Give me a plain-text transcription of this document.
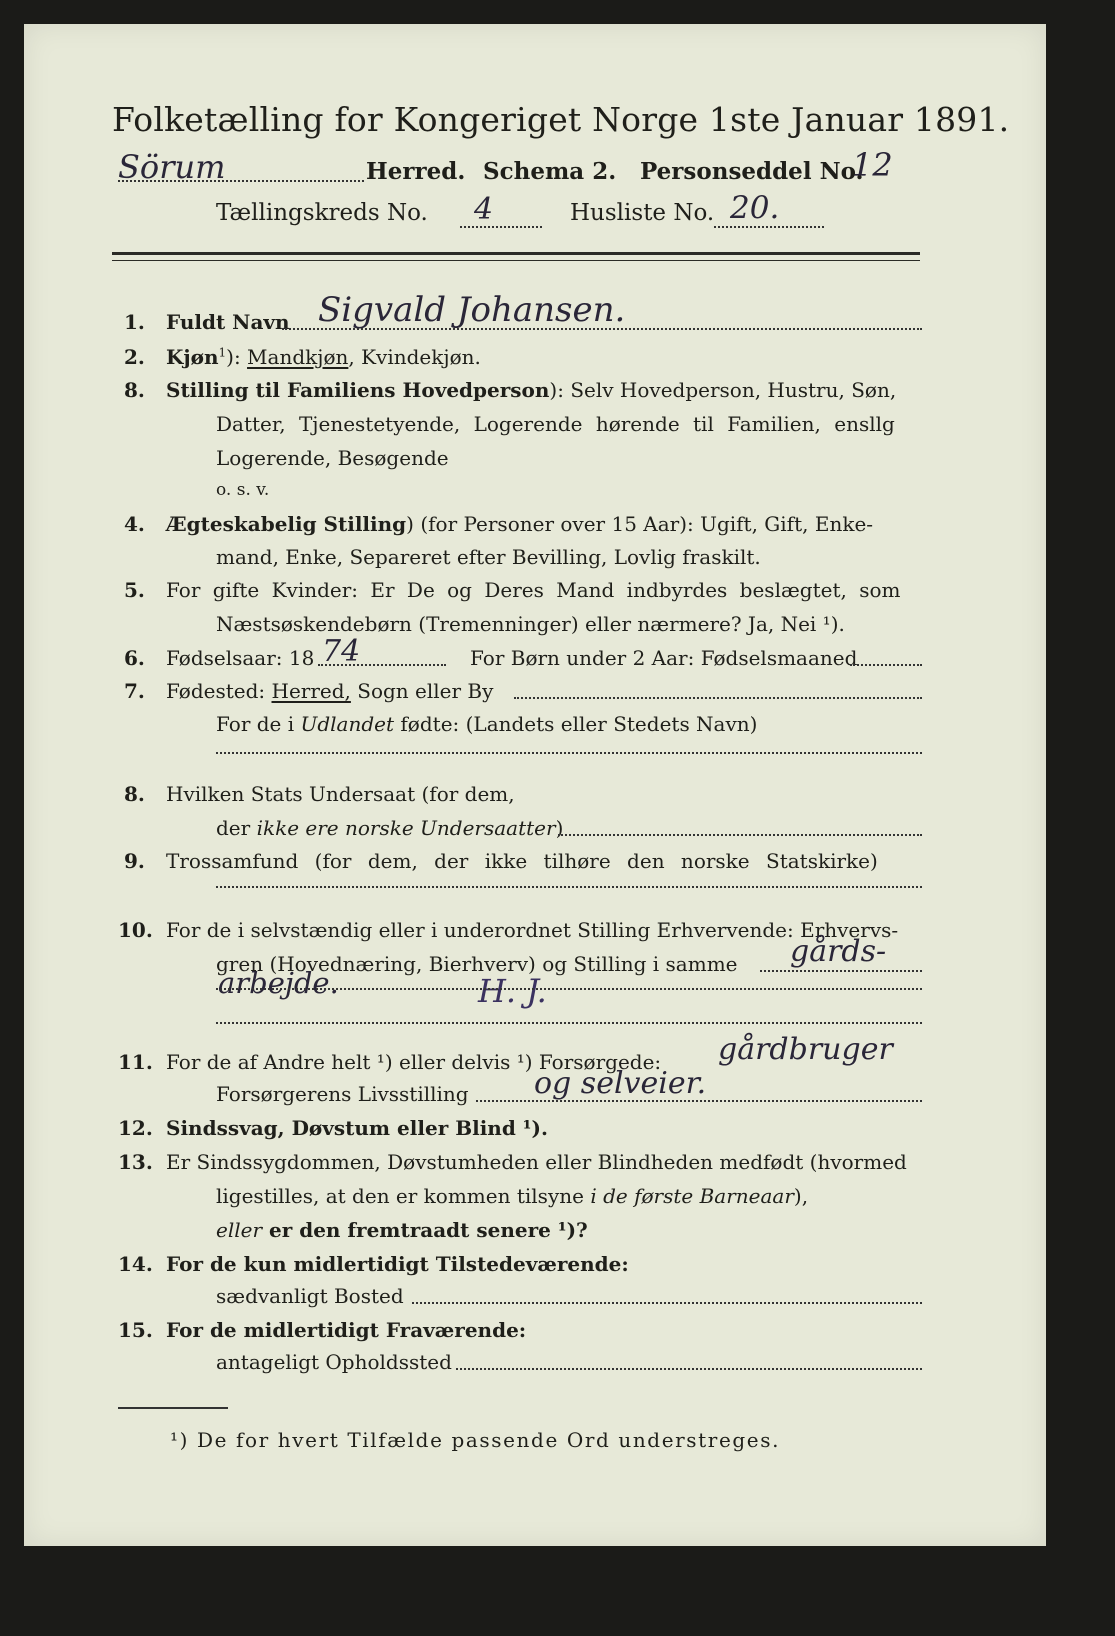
Folketælling for Kongeriget Norge 1ste Januar 1891.
Sörum	Herred. Schema 2. Personseddel No.
12
Tællingskreds No. 4	Husliste No. 20.
1. Fuldt Navn Sigvald Johansen.
2. Kjøn$^1$): Mandkjøn, Kvindekjøn.
8. Stilling til Familiens Hovedperson): Selv Hovedperson, Hustru, Søn,
Datter, Tjenestetyende, Logerende hørende til Familien, ensllg
Logerende, Besøgende
o. s. v.
4. Ægteskabelig Stilling) (for Personer over 15 Aar): Ugift, Gift, Enke-
mand, Enke, Separeret efter Bevilling, Lovlig fraskilt.
5. For gifte Kvinder: Er De og Deres Mand indbyrdes beslægtet, som
Næstsøskendebørn (Tremenninger) eller nærmere? Ja, Nei ¹).
6. Fødselsaar: 18 74	For Børn under 2 Aar: Fødselsmaaned
7. Fødested: Herred, Sogn eller By
For de i Udlandet fødte: (Landets eller Stedets Navn)
8. Hvilken Stats Undersaat (for dem,
der ikke ere norske Undersaatter)
9. Trossamfund (for dem, der ikke tilhøre den norske Statskirke)
10. For de i selvstændig eller i underordnet Stilling Erhvervende: Erhvervs-
gren (Hovednæring, Bierhverv) og Stilling i samme gårds-
arbejde.	H. J.
11. For de af Andre helt ¹) eller delvis ¹) Forsørgede: gårdbruger
Forsørgerens Livsstilling og selveier.
12. Sindssvag, Døvstum eller Blind ¹).
13. Er Sindssygdommen, Døvstumheden eller Blindheden medfødt (hvormed
ligestilles, at den er kommen tilsyne i de første Barneaar),
eller er den fremtraadt senere ¹)?
14. For de kun midlertidigt Tilstedeværende:
sædvanligt Bosted
15. For de midlertidigt Fraværende:
antageligt Opholdssted
¹) De for hvert Tilfælde passende Ord understreges.
